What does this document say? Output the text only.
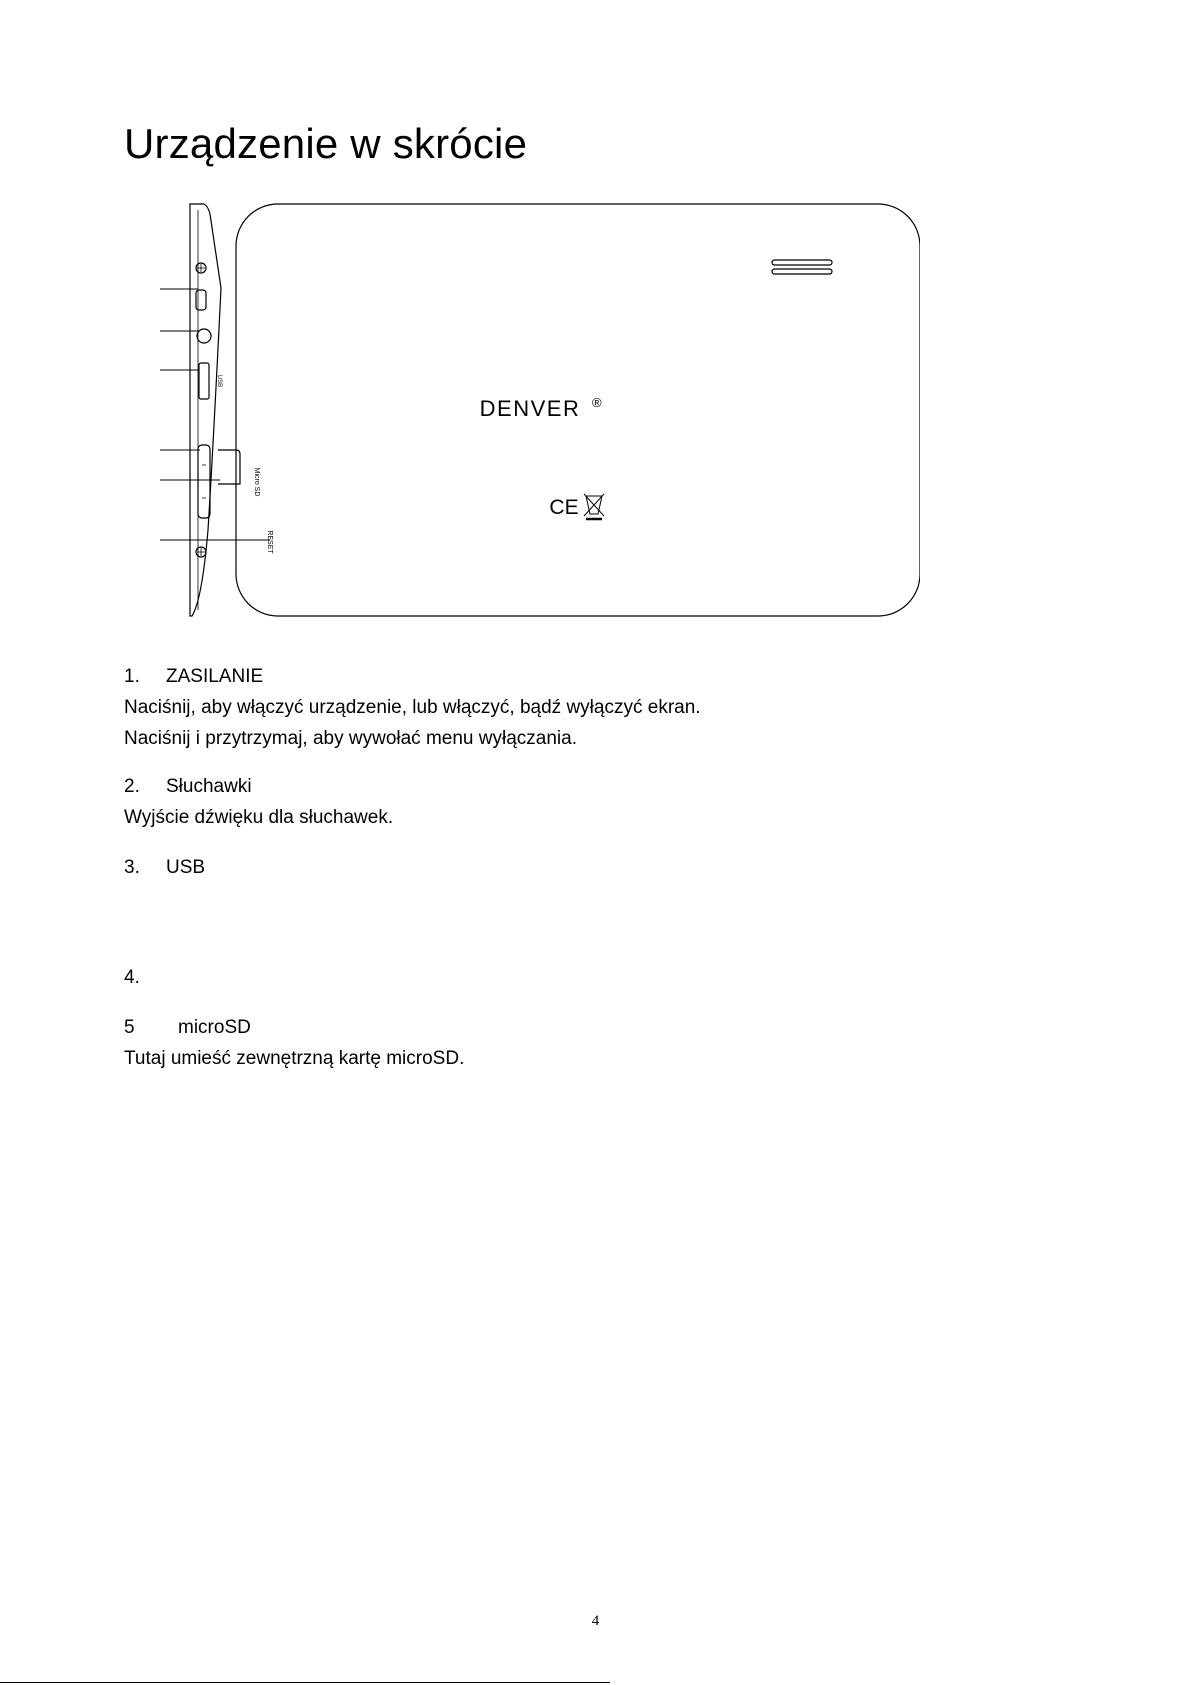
Urządzenie w skrócie
Micro SD
RESET
USB
DENVER ®
CE
1. ZASILANIE
Naciśnij, aby włączyć urządzenie, lub włączyć, bądź wyłączyć ekran.
Naciśnij i przytrzymaj, aby wywołać menu wyłączania.
2. Słuchawki
Wyjście dźwięku dla słuchawek.
3. USB
4.
5 microSD
Tutaj umieść zewnętrzną kartę microSD.
4
